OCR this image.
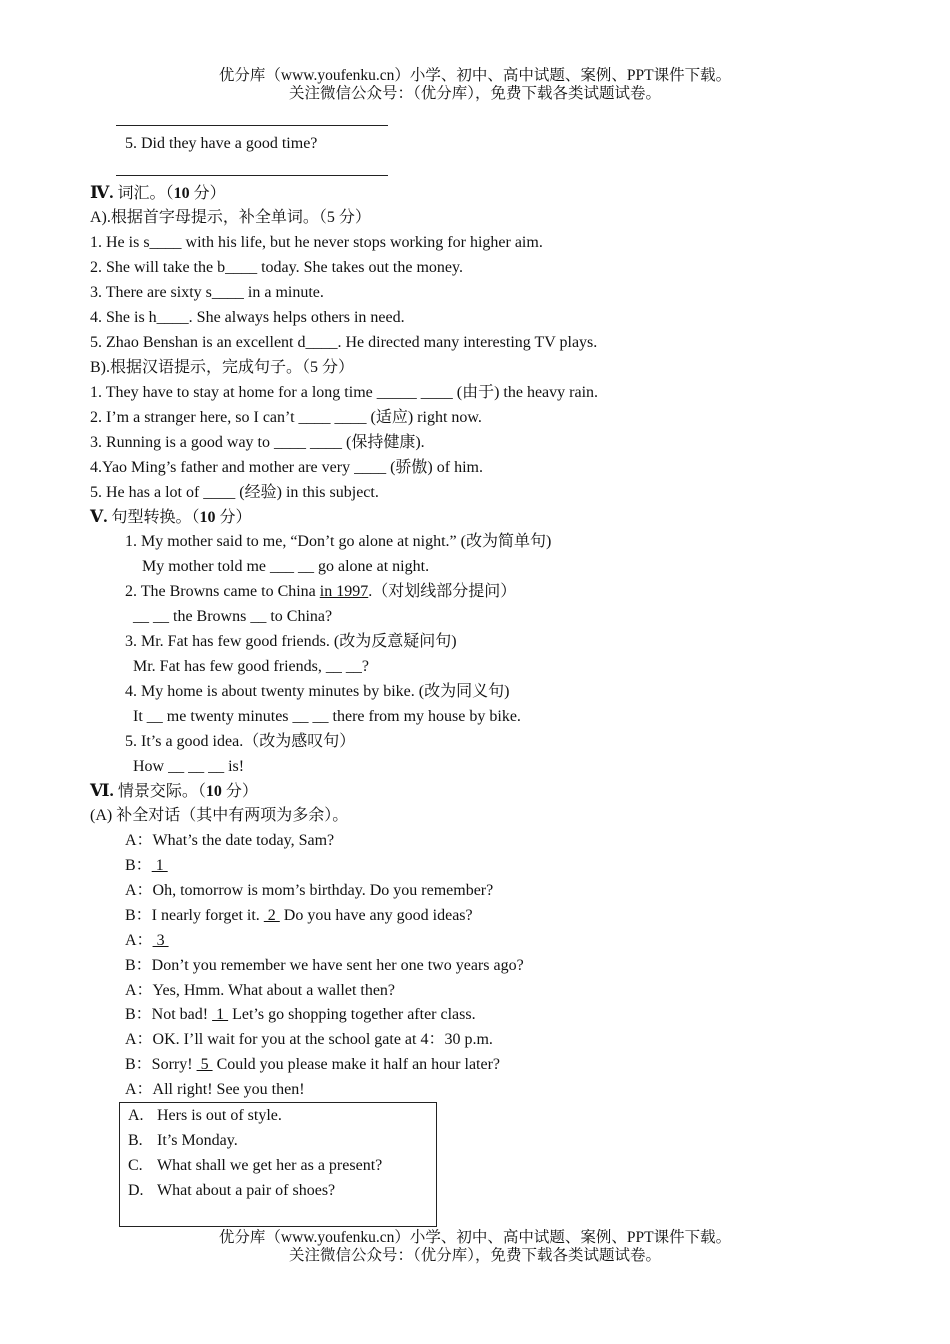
优分库（www.youfenku.cn）小学、初中、高中试题、案例、PPT课件下载。
关注微信公众号：（优分库），免费下载各类试题试卷。
5. Did they have a good time?
Ⅳ. 词汇。（10 分）
A).根据首字母提示，补全单词。（5 分）
1. He is s____ with his life, but he never stops working for higher aim.
2. She will take the b____ today. She takes out the money.
3. There are sixty s____ in a minute.
4. She is h____. She always helps others in need.
5. Zhao Benshan is an excellent d____. He directed many interesting TV plays.
B).根据汉语提示，完成句子。（5 分）
1. They have to stay at home for a long time _____ ____ (由于) the heavy rain.
2. I’m a stranger here, so I can’t ____ ____ (适应) right now.
3. Running is a good way to ____ ____ (保持健康).
4.Yao Ming’s father and mother are very ____ (骄傲) of him.
5. He has a lot of ____ (经验) in this subject.
Ⅴ. 句型转换。（10 分）
1. My mother said to me, “Don’t go alone at night.” (改为简单句)
My mother told me ___ __ go alone at night.
2. The Browns came to China in 1997.（对划线部分提问）
__ __ the Browns __ to China?
3. Mr. Fat has few good friends. (改为反意疑问句)
Mr. Fat has few good friends, __ __?
4. My home is about twenty minutes by bike. (改为同义句)
It __ me twenty minutes __ __ there from my house by bike.
5. It’s a good idea.（改为感叹句）
How __ __ __ is!
Ⅵ. 情景交际。（10 分）
(A) 补全对话（其中有两项为多余）。
A：What’s the date today, Sam?
B： 1
A：Oh, tomorrow is mom’s birthday. Do you remember?
B：I nearly forget it.  2  Do you have any good ideas?
A： 3
B：Don’t you remember we have sent her one two years ago?
A：Yes, Hmm. What about a wallet then?
B：Not bad!  1  Let’s go shopping together after class.
A：OK. I’ll wait for you at the school gate at 4：30 p.m.
B：Sorry!  5  Could you please make it half an hour later?
A：All right! See you then!
A. Hers is out of style.
B. It’s Monday.
C. What shall we get her as a present?
D. What about a pair of shoes?
优分库（www.youfenku.cn）小学、初中、高中试题、案例、PPT课件下载。
关注微信公众号：（优分库），免费下载各类试题试卷。
